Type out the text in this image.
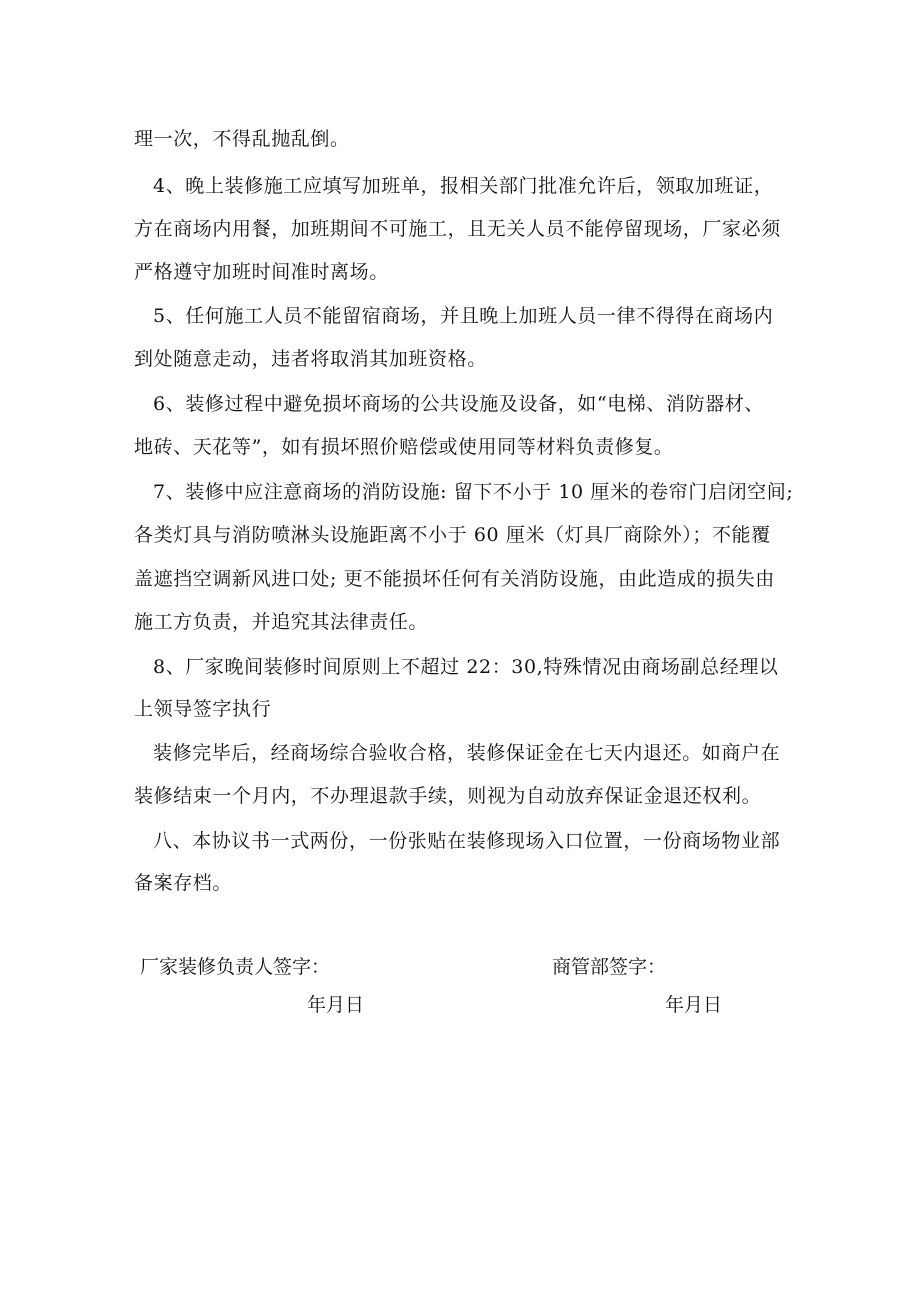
理一次，不得乱抛乱倒。
4、晚上装修施工应填写加班单，报相关部门批准允许后，领取加班证，
方在商场内用餐，加班期间不可施工，且无关人员不能停留现场，厂家必须
严格遵守加班时间准时离场。
5、任何施工人员不能留宿商场，并且晚上加班人员一律不得得在商场内
到处随意走动，违者将取消其加班资格。
6、装修过程中避免损坏商场的公共设施及设备，如“电梯、消防器材、
地砖、天花等”，如有损坏照价赔偿或使用同等材料负责修复。
7、装修中应注意商场的消防设施: 留下不小于 10 厘米的卷帘门启闭空间;
各类灯具与消防喷淋头设施距离不小于 60 厘米（灯具厂商除外）；不能覆
盖遮挡空调新风进口处; 更不能损坏任何有关消防设施，由此造成的损失由
施工方负责，并追究其法律责任。
8、厂家晚间装修时间原则上不超过 22：30,特殊情况由商场副总经理以
上领导签字执行
装修完毕后，经商场综合验收合格，装修保证金在七天内退还。如商户在
装修结束一个月内，不办理退款手续，则视为自动放弃保证金退还权利。
八、本协议书一式两份，一份张贴在装修现场入口位置，一份商场物业部
备案存档。
厂家装修负责人签字：	商管部签字：
年月日	年月日
